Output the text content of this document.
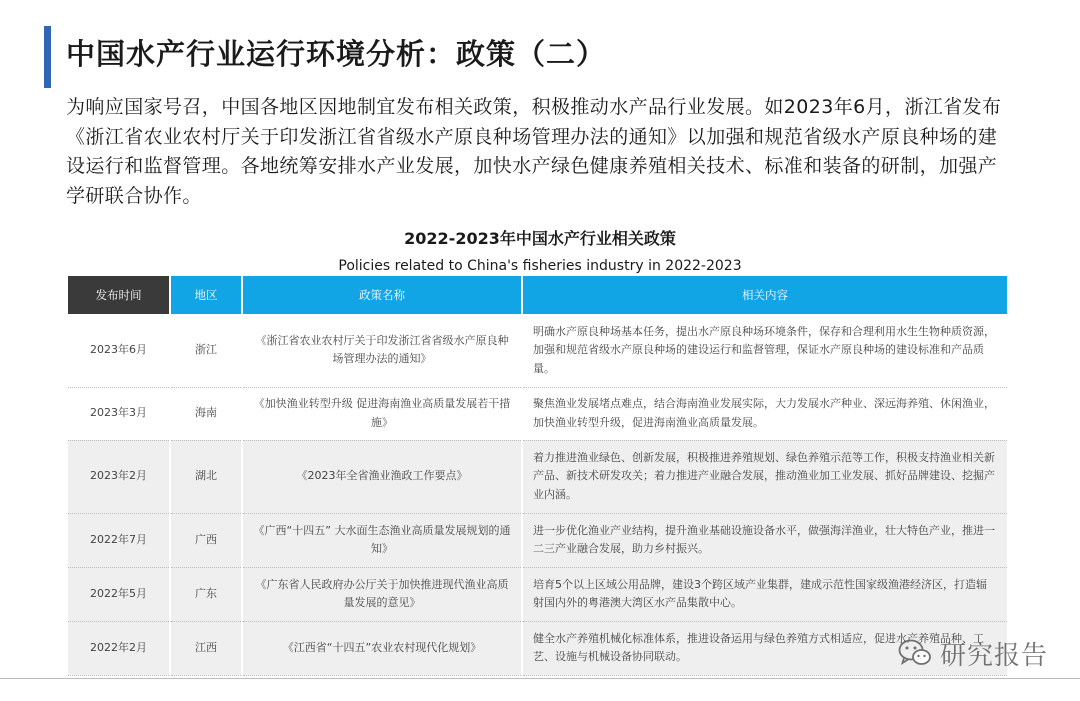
中国水产行业运行环境分析：政策（二）
为响应国家号召，中国各地区因地制宜发布相关政策，积极推动水产品行业发展。如2023年6月，浙江省发布《浙江省农业农村厅关于印发浙江省省级水产原良种场管理办法的通知》以加强和规范省级水产原良种场的建设运行和监督管理。各地统筹安排水产业发展，加快水产绿色健康养殖相关技术、标准和装备的研制，加强产学研联合协作。
2022-2023年中国水产行业相关政策
Policies related to China's fisheries industry in 2022-2023
发布时间	地区	政策名称	相关内容
2023年6月	浙江	《浙江省农业农村厅关于印发浙江省省级水产原良种场管理办法的通知》	明确水产原良种场基本任务，提出水产原良种场环境条件，保存和合理利用水生生物种质资源，加强和规范省级水产原良种场的建设运行和监督管理，保证水产原良种场的建设标准和产品质量。
2023年3月	海南	《加快渔业转型升级 促进海南渔业高质量发展若干措施》	聚焦渔业发展堵点难点，结合海南渔业发展实际，大力发展水产种业、深远海养殖、休闲渔业，加快渔业转型升级，促进海南渔业高质量发展。
2023年2月	湖北	《2023年全省渔业渔政工作要点》	着力推进渔业绿色、创新发展，积极推进养殖规划、绿色养殖示范等工作，积极支持渔业相关新产品、新技术研发攻关；着力推进产业融合发展，推动渔业加工业发展、抓好品牌建设、挖掘产业内涵。
2022年7月	广西	《广西“十四五” 大水面生态渔业高质量发展规划的通知》	进一步优化渔业产业结构，提升渔业基础设施设备水平，做强海洋渔业，壮大特色产业，推进一二三产业融合发展，助力乡村振兴。
2022年5月	广东	《广东省人民政府办公厅关于加快推进现代渔业高质量发展的意见》	培育5个以上区域公用品牌，建设3个跨区域产业集群，建成示范性国家级渔港经济区，打造辐射国内外的粤港澳大湾区水产品集散中心。
2022年2月	江西	《江西省“十四五”农业农村现代化规划》	健全水产养殖机械化标准体系，推进设备运用与绿色养殖方式相适应，促进水产养殖品种、工艺、设施与机械设备协同联动。	研究报告
